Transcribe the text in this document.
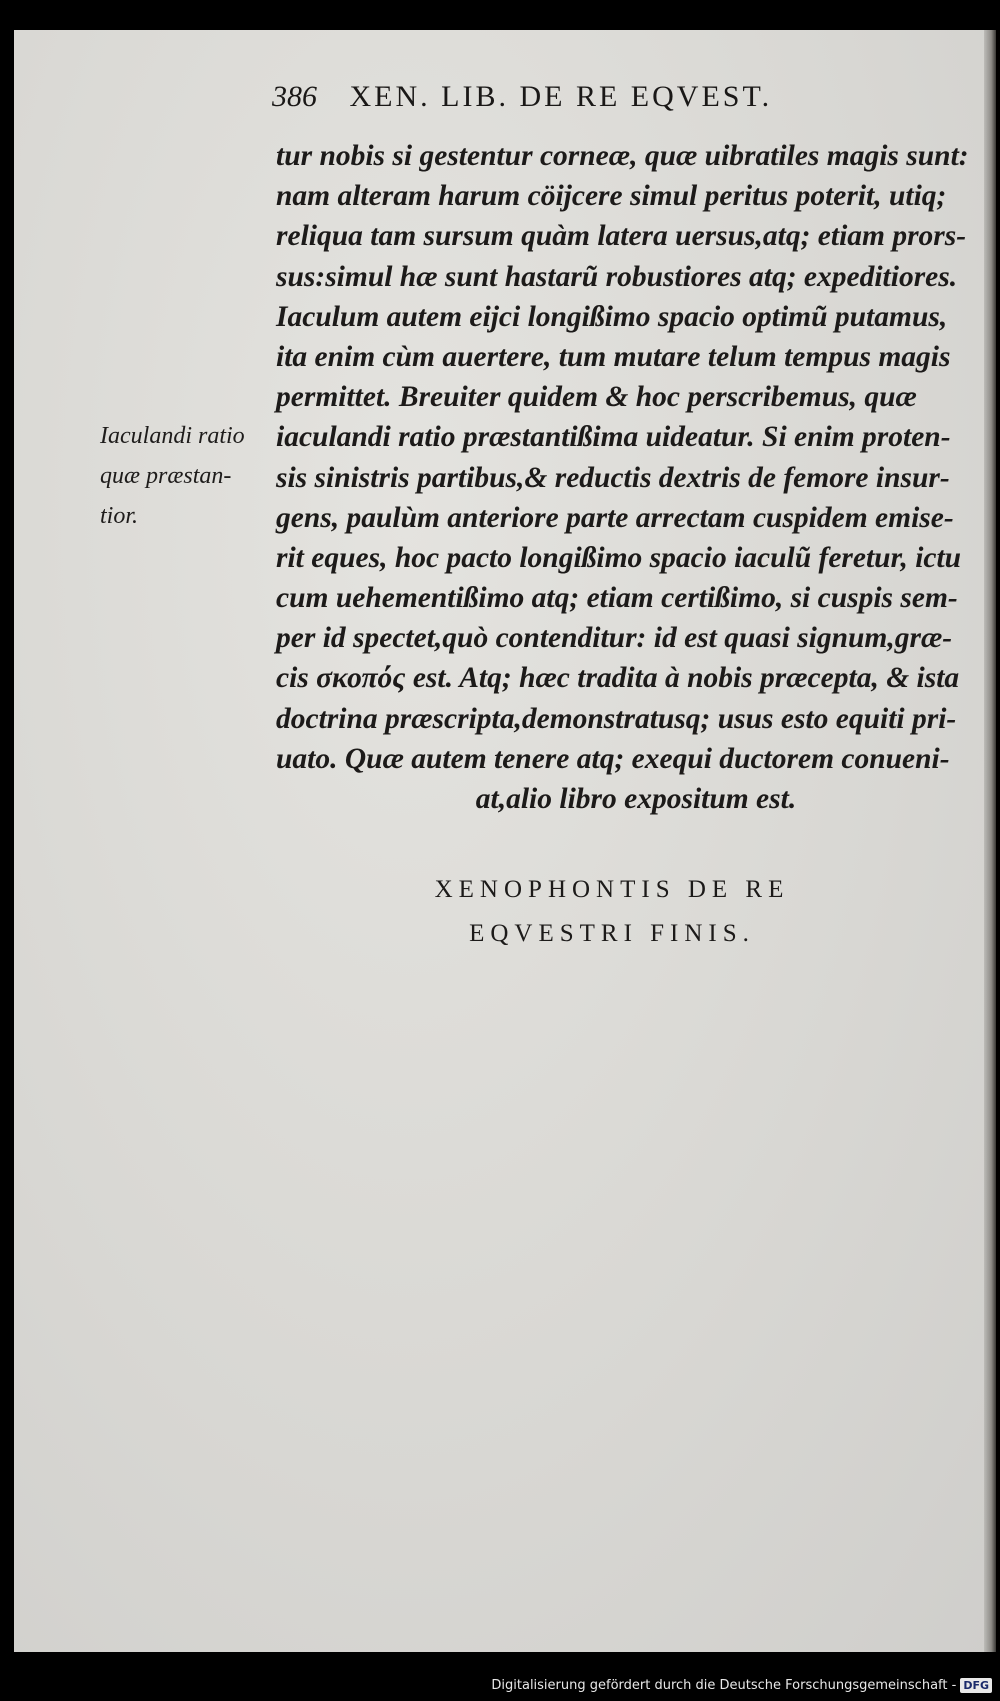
386 XEN. LIB. DE RE EQVEST.
tur nobis si gestentur corneæ, quæ uibratiles magis sunt:
nam alteram harum cöijcere simul peritus poterit, utiq;
reliqua tam sursum quàm latera uersus,atq; etiam prors-
sus:simul hæ sunt hastarũ robustiores atq; expeditiores.
Iaculum autem eijci longißimo spacio optimũ putamus,
ita enim cùm auertere, tum mutare telum tempus magis
permittet. Breuiter quidem & hoc perscribemus, quæ
iaculandi ratio præstantißima uideatur. Si enim proten-
sis sinistris partibus,& reductis dextris de femore insur-
gens, paulùm anteriore parte arrectam cuspidem emise-
rit eques, hoc pacto longißimo spacio iaculũ feretur, ictu
cum uehementißimo atq; etiam certißimo, si cuspis sem-
per id spectet,quò contenditur: id est quasi signum,græ-
cis σκοπός est. Atq; hæc tradita à nobis præcepta, & ista
doctrina præscripta,demonstratusq; usus esto equiti pri-
uato. Quæ autem tenere atq; exequi ductorem conueni-
at,alio libro expositum est.
Iaculandi ratio
quæ præstan-
tior.
XENOPHONTIS DE RE
EQVESTRI FINIS.
Digitalisierung gefördert durch die Deutsche Forschungsgemeinschaft - DFG
